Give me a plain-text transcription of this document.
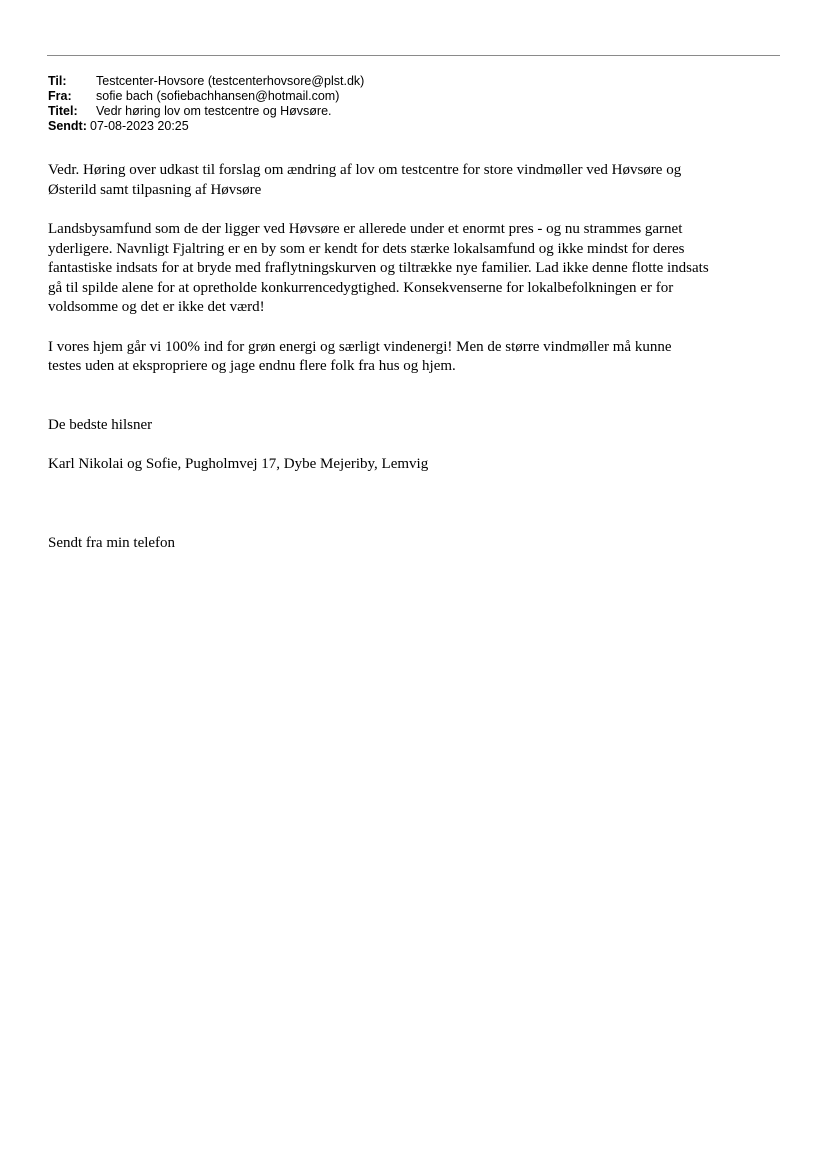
Til:	Testcenter-Hovsore (testcenterhovsore@plst.dk)
Fra:	sofie bach (sofiebachhansen@hotmail.com)
Titel:	Vedr høring lov om testcentre og Høvsøre.
Sendt: 07-08-2023 20:25

Vedr. Høring over udkast til forslag om ændring af lov om testcentre for store vindmøller ved Høvsøre og

Østerild samt tilpasning af Høvsøre

Landsbysamfund som de der ligger ved Høvsøre er allerede under et enormt pres - og nu strammes garnet

yderligere. Navnligt Fjaltring er en by som er kendt for dets stærke lokalsamfund og ikke mindst for deres

fantastiske indsats for at bryde med fraflytningskurven og tiltrække nye familier. Lad ikke denne flotte indsats

gå til spilde alene for at opretholde konkurrencedygtighed. Konsekvenserne for lokalbefolkningen er for

voldsomme og det er ikke det værd!

I vores hjem går vi 100% ind for grøn energi og særligt vindenergi! Men de større vindmøller må kunne

testes uden at ekspropriere og jage endnu flere folk fra hus og hjem.

De bedste hilsner

Karl Nikolai og Sofie, Pugholmvej 17, Dybe Mejeriby, Lemvig

Sendt fra min telefon
